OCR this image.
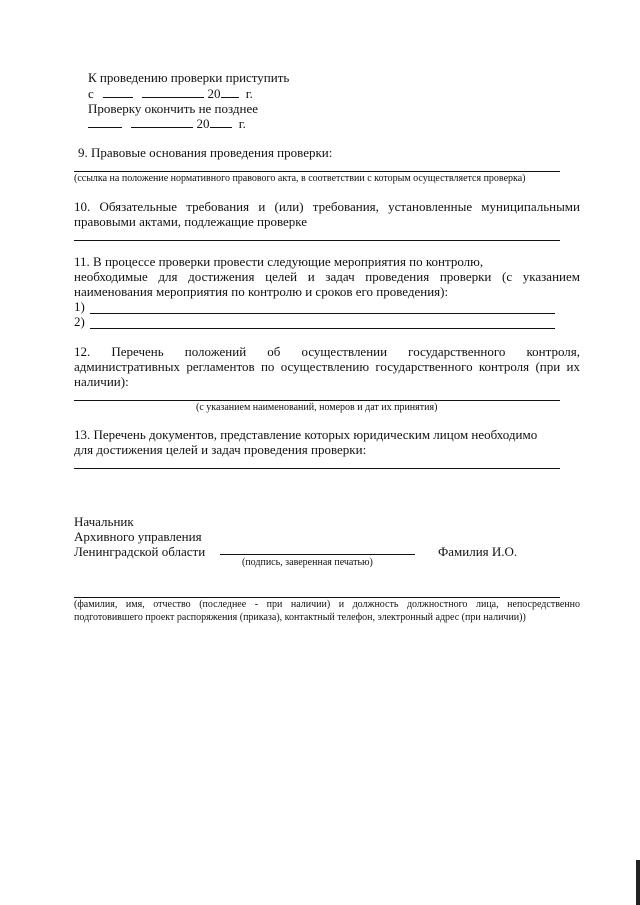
К проведению проверки приступить
с	20 г.
Проверку окончить не позднее
20 г.
9. Правовые основания проведения проверки:
(ссылка на положение нормативного правового акта, в соответствии с которым осуществляется проверка)
10. Обязательные требования и (или) требования, установленные муниципальными
правовыми актами, подлежащие проверке
11. В процессе проверки провести следующие мероприятия по контролю,
необходимые для достижения целей и задач проведения проверки (с указанием
наименования мероприятия по контролю и сроков его проведения):
1)
2)
12. Перечень положений об осуществлении государственного контроля,
административных регламентов по осуществлению государственного контроля (при их
наличии):
(с указанием наименований, номеров и дат их принятия)
13. Перечень документов, представление которых юридическим лицом необходимо
для достижения целей и задач проведения проверки:
Начальник
Архивного управления
Ленинградской области
(подпись, заверенная печатью)
Фамилия И.О.
(фамилия, имя, отчество (последнее - при наличии) и должность должностного лица, непосредственно
подготовившего проект распоряжения (приказа), контактный телефон, электронный адрес (при наличии))
